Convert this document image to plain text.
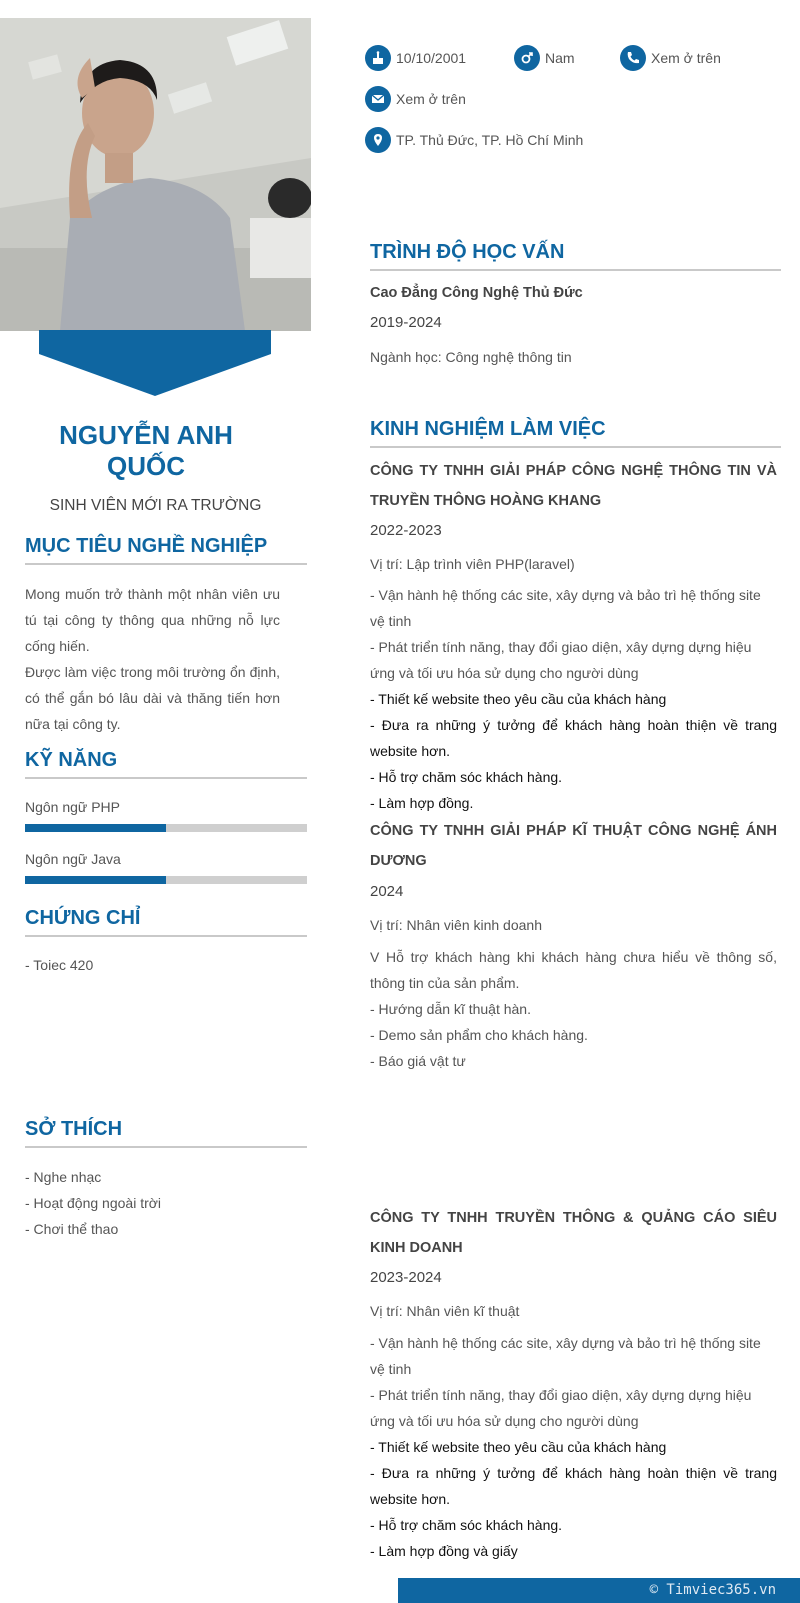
NGUYỄN ANH
QUỐC
SINH VIÊN MỚI RA TRƯỜNG
MỤC TIÊU NGHỀ NGHIỆP
Mong muốn trở thành một nhân viên ưu tú tại công ty thông qua những nỗ lực cống hiến.
Được làm việc trong môi trường ổn định, có thể gắn bó lâu dài và thăng tiến hơn nữa tại công ty.
KỸ NĂNG
Ngôn ngữ PHP
Ngôn ngữ Java
CHỨNG CHỈ
- Toiec 420
SỞ THÍCH
- Nghe nhạc
- Hoạt động ngoài trời
- Chơi thể thao
10/10/2001	Nam	Xem ở trên
Xem ở trên
TP. Thủ Đức, TP. Hồ Chí Minh
TRÌNH ĐỘ HỌC VẤN
Cao Đẳng Công Nghệ Thủ Đức
2019-2024
Ngành học: Công nghệ thông tin
KINH NGHIỆM LÀM VIỆC
CÔNG TY TNHH GIẢI PHÁP CÔNG NGHỆ THÔNG TIN VÀ TRUYỀN THÔNG HOÀNG KHANG
2022-2023
Vị trí: Lập trình viên PHP(laravel)
- Vận hành hệ thống các site, xây dựng và bảo trì hệ thống site vệ tinh
- Phát triển tính năng, thay đổi giao diện, xây dựng dựng hiệu ứng và tối ưu hóa sử dụng cho người dùng
- Thiết kế website theo yêu cầu của khách hàng
- Đưa ra những ý tưởng để khách hàng hoàn thiện về trang website hơn.
- Hỗ trợ chăm sóc khách hàng.
- Làm hợp đồng.
CÔNG TY TNHH GIẢI PHÁP KĨ THUẬT CÔNG NGHỆ ÁNH DƯƠNG
2024
Vị trí: Nhân viên kinh doanh
V Hỗ trợ khách hàng khi khách hàng chưa hiểu về thông số, thông tin của sản phẩm.
- Hướng dẫn kĩ thuật hàn.
- Demo sản phẩm cho khách hàng.
- Báo giá vật tư
CÔNG TY TNHH TRUYỀN THÔNG & QUẢNG CÁO SIÊU KINH DOANH
2023-2024
Vị trí: Nhân viên kĩ thuật
- Vận hành hệ thống các site, xây dựng và bảo trì hệ thống site vệ tinh
- Phát triển tính năng, thay đổi giao diện, xây dựng dựng hiệu ứng và tối ưu hóa sử dụng cho người dùng
- Thiết kế website theo yêu cầu của khách hàng
- Đưa ra những ý tưởng để khách hàng hoàn thiện về trang website hơn.
- Hỗ trợ chăm sóc khách hàng.
- Làm hợp đồng và giấy
© Timviec365.vn
